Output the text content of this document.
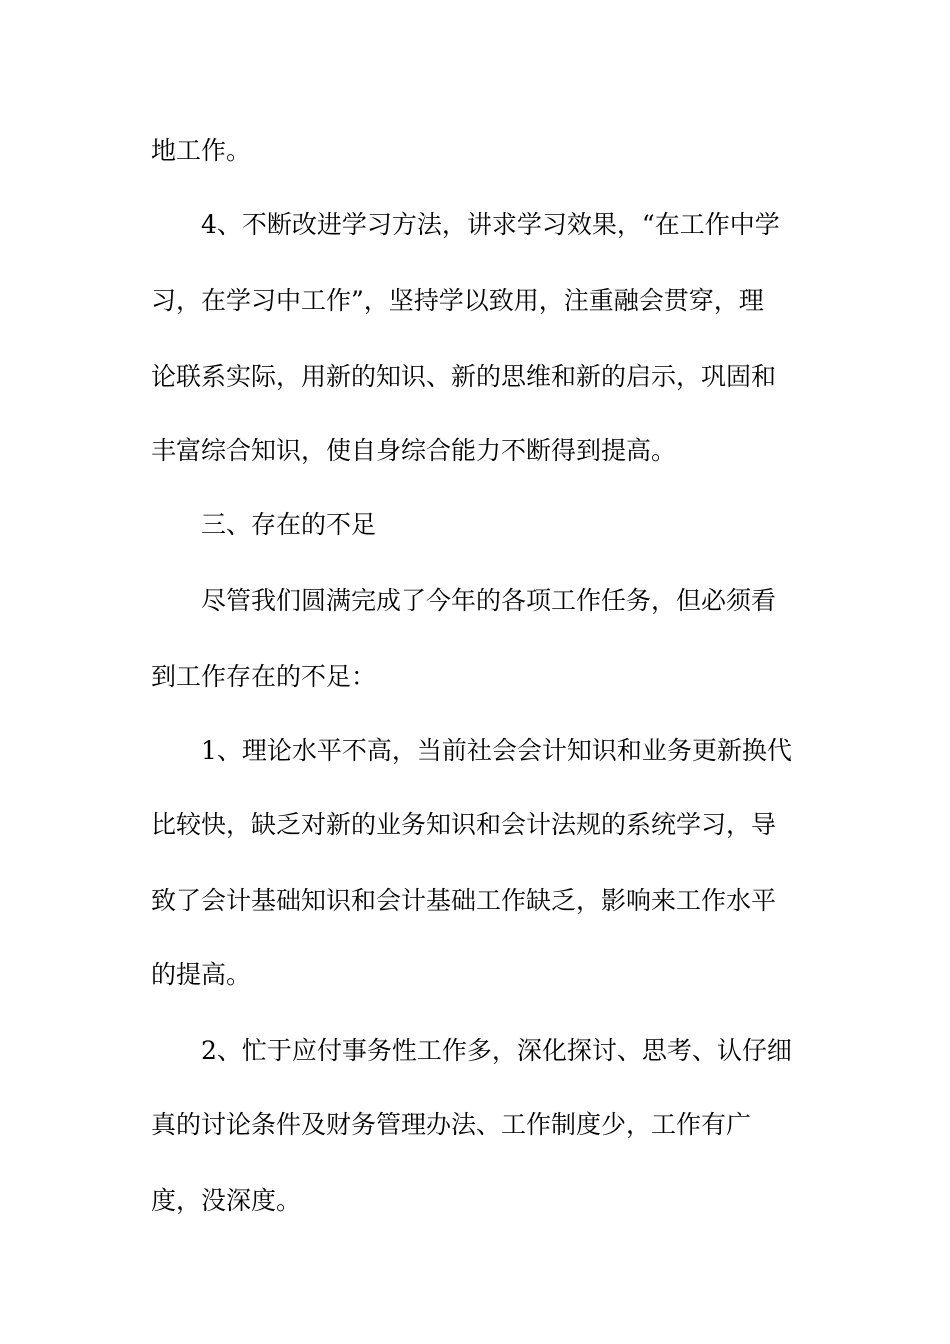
地工作。
4、不断改进学习方法，讲求学习效果，“在工作中学
习，在学习中工作”，坚持学以致用，注重融会贯穿，理
论联系实际，用新的知识、新的思维和新的启示，巩固和
丰富综合知识，使自身综合能力不断得到提高。
三、存在的不足
尽管我们圆满完成了今年的各项工作任务，但必须看
到工作存在的不足：
1、理论水平不高，当前社会会计知识和业务更新换代
比较快，缺乏对新的业务知识和会计法规的系统学习，导
致了会计基础知识和会计基础工作缺乏，影响来工作水平
的提高。
2、忙于应付事务性工作多，深化探讨、思考、认仔细
真的讨论条件及财务管理办法、工作制度少，工作有广
度，没深度。
